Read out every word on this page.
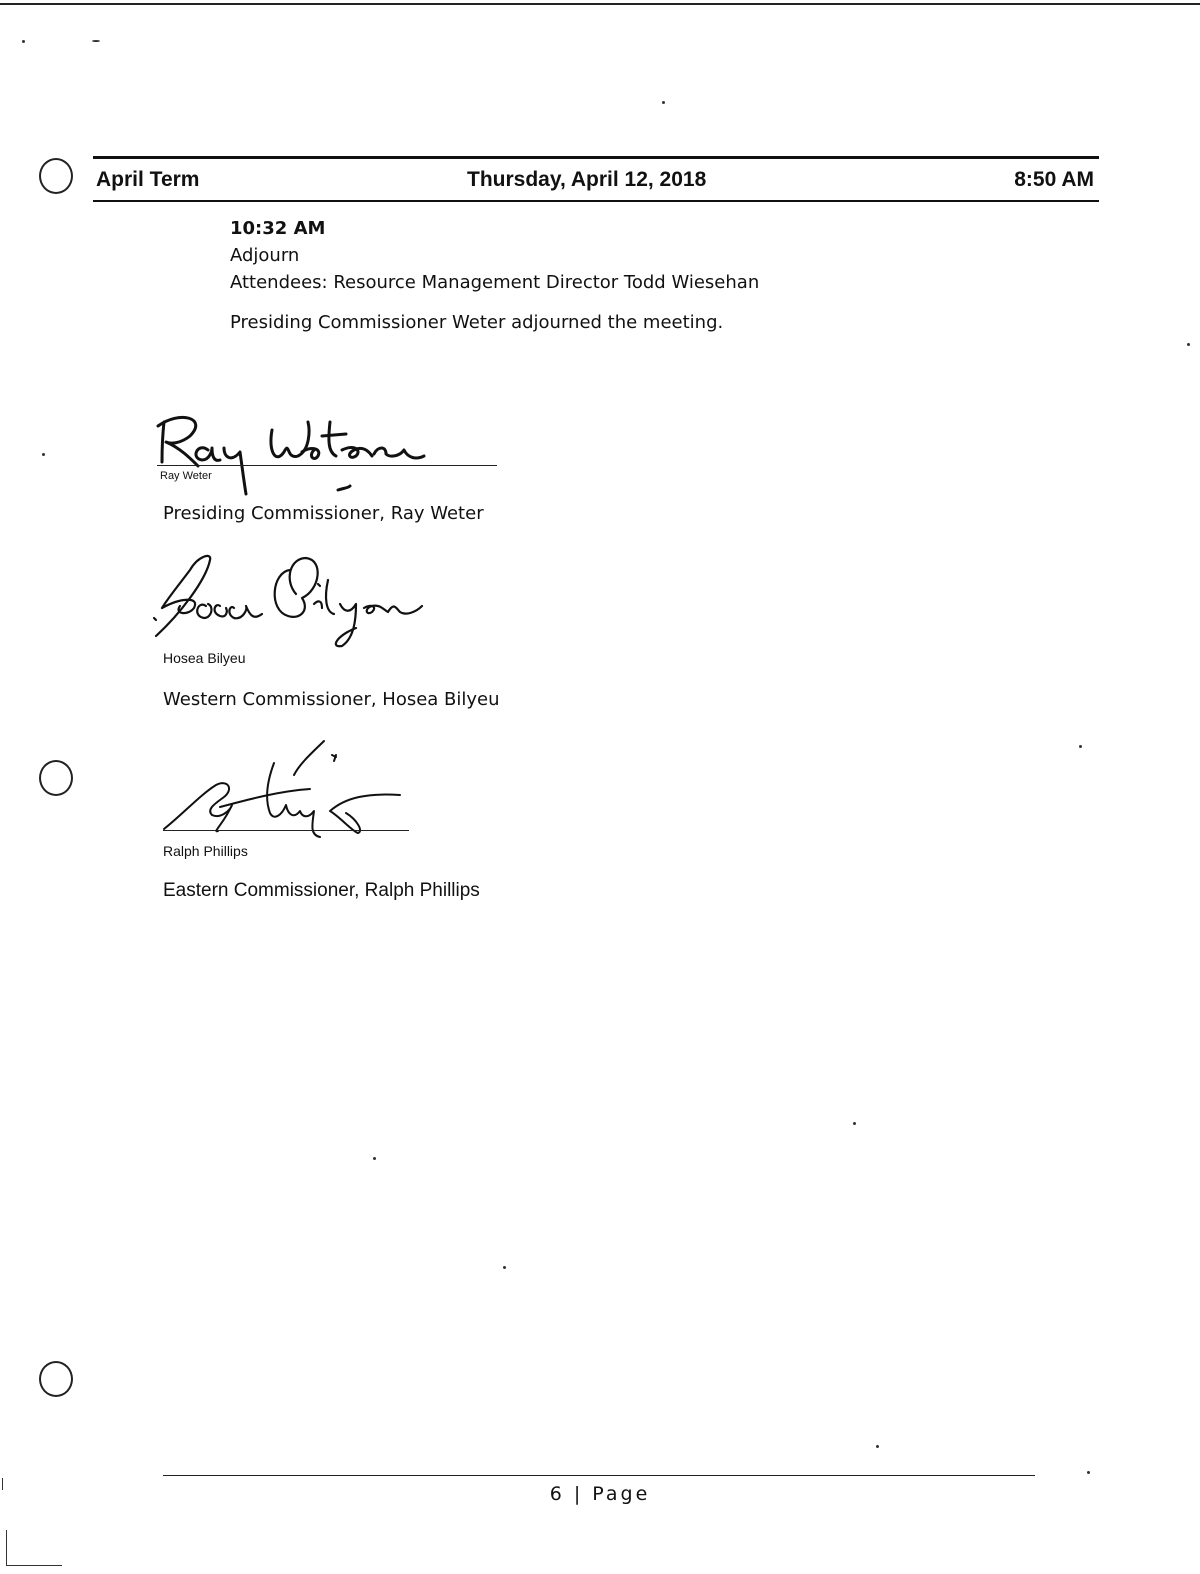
April Term	Thursday, April 12, 2018	8:50 AM
10:32 AM
Adjourn
Attendees: Resource Management Director Todd Wiesehan
Presiding Commissioner Weter adjourned the meeting.
Ray Weter
Presiding Commissioner, Ray Weter
Hosea Bilyeu
Western Commissioner, Hosea Bilyeu
Ralph Phillips
Eastern Commissioner, Ralph Phillips
6 | Page
